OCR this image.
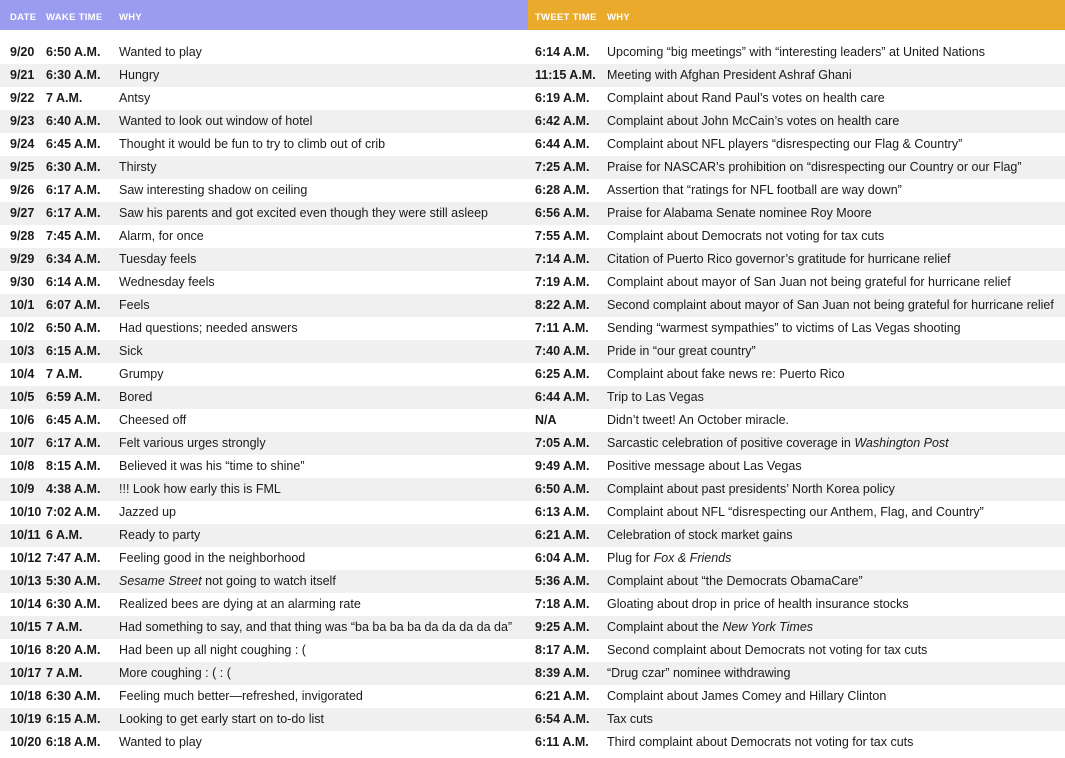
DATE WAKE TIME WHY	TWEET TIME WHY
9/20 6:50 A.M. Wanted to play	6:14 A.M. Upcoming “big meetings” with “interesting leaders” at United Nations
9/21 6:30 A.M. Hungry	11:15 A.M. Meeting with Afghan President Ashraf Ghani
9/22 7 A.M.	Antsy	6:19 A.M. Complaint about Rand Paul’s votes on health care
9/23 6:40 A.M. Wanted to look out window of hotel	6:42 A.M. Complaint about John McCain’s votes on health care
9/24 6:45 A.M. Thought it would be fun to try to climb out of crib	6:44 A.M. Complaint about NFL players “disrespecting our Flag & Country”
9/25 6:30 A.M. Thirsty	7:25 A.M. Praise for NASCAR’s prohibition on “disrespecting our Country or our Flag”
9/26 6:17 A.M. Saw interesting shadow on ceiling	6:28 A.M. Assertion that “ratings for NFL football are way down”
9/27 6:17 A.M. Saw his parents and got excited even though they were still asleep	6:56 A.M. Praise for Alabama Senate nominee Roy Moore
9/28 7:45 A.M. Alarm, for once	7:55 A.M. Complaint about Democrats not voting for tax cuts
9/29 6:34 A.M. Tuesday feels	7:14 A.M. Citation of Puerto Rico governor’s gratitude for hurricane relief
9/30 6:14 A.M. Wednesday feels	7:19 A.M. Complaint about mayor of San Juan not being grateful for hurricane relief
10/1 6:07 A.M. Feels	8:22 A.M. Second complaint about mayor of San Juan not being grateful for hurricane relief
10/2 6:50 A.M. Had questions; needed answers	7:11 A.M. Sending “warmest sympathies” to victims of Las Vegas shooting
10/3 6:15 A.M. Sick	7:40 A.M. Pride in “our great country”
10/4 7 A.M.	Grumpy	6:25 A.M. Complaint about fake news re: Puerto Rico
10/5 6:59 A.M. Bored	6:44 A.M. Trip to Las Vegas
10/6 6:45 A.M. Cheesed off	N/A	Didn’t tweet! An October miracle.
10/7 6:17 A.M. Felt various urges strongly	7:05 A.M. Sarcastic celebration of positive coverage in Washington Post
10/8 8:15 A.M. Believed it was his “time to shine”	9:49 A.M. Positive message about Las Vegas
10/9 4:38 A.M. !!! Look how early this is FML	6:50 A.M. Complaint about past presidents’ North Korea policy
10/10 7:02 A.M. Jazzed up	6:13 A.M. Complaint about NFL “disrespecting our Anthem, Flag, and Country”
10/11 6 A.M.	Ready to party	6:21 A.M. Celebration of stock market gains
10/12 7:47 A.M. Feeling good in the neighborhood	6:04 A.M. Plug for Fox & Friends
10/13 5:30 A.M. Sesame Street not going to watch itself	5:36 A.M. Complaint about “the Democrats ObamaCare”
10/14 6:30 A.M. Realized bees are dying at an alarming rate	7:18 A.M. Gloating about drop in price of health insurance stocks
10/15 7 A.M.	Had something to say, and that thing was “ba ba ba ba da da da da da” 9:25 A.M. Complaint about the New York Times
10/16 8:20 A.M. Had been up all night coughing : (	8:17 A.M. Second complaint about Democrats not voting for tax cuts
10/17 7 A.M.	More coughing : ( : (	8:39 A.M. “Drug czar” nominee withdrawing
10/18 6:30 A.M. Feeling much better—refreshed, invigorated	6:21 A.M. Complaint about James Comey and Hillary Clinton
10/19 6:15 A.M. Looking to get early start on to-do list	6:54 A.M. Tax cuts
10/20 6:18 A.M. Wanted to play	6:11 A.M. Third complaint about Democrats not voting for tax cuts
